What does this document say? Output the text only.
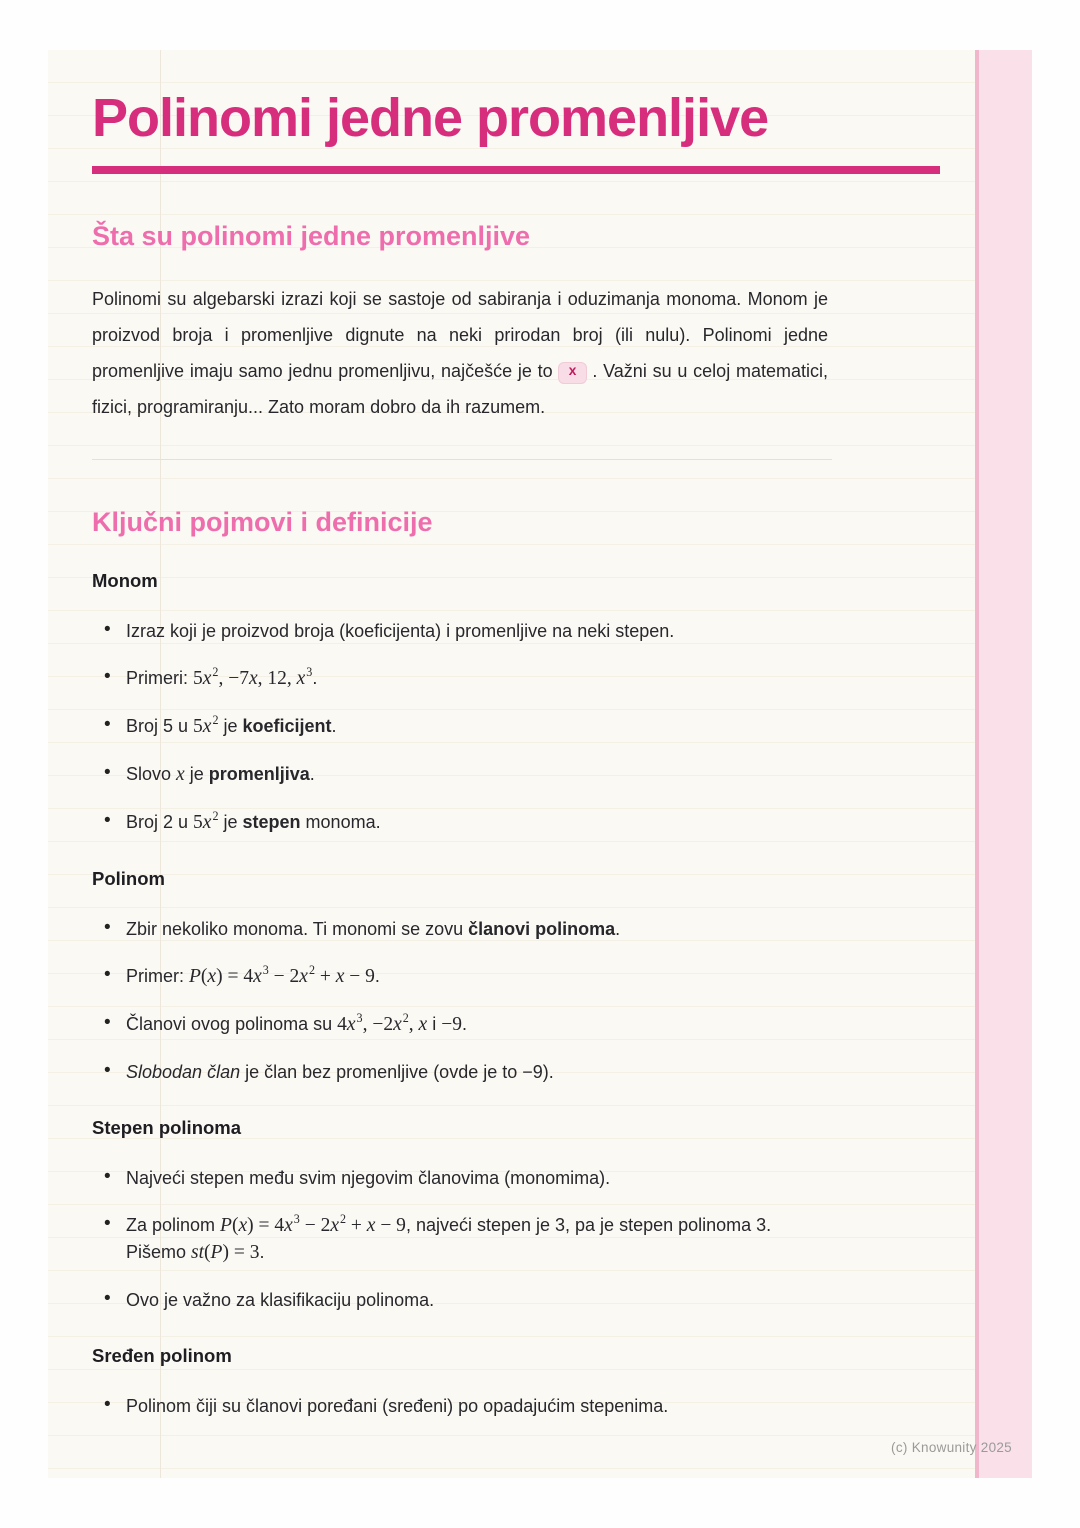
Polinomi jedne promenljive
Šta su polinomi jedne promenljive
Polinomi su algebarski izrazi koji se sastoje od sabiranja i oduzimanja monoma. Monom je proizvod broja i promenljive dignute na neki prirodan broj (ili nulu). Polinomi jedne promenljive imaju samo jednu promenljivu, najčešće je to x . Važni su u celoj matematici, fizici, programiranju... Zato moram dobro da ih razumem.
Ključni pojmovi i definicije
Monom
• Izraz koji je proizvod broja (koeficijenta) i promenljive na neki stepen.
• Primeri: $5x^2$, −7x, 12, $x^3$.
• Broj 5 u $5x^2$ je koeficijent.
• Slovo x je promenljiva.
• Broj 2 u $5x^2$ je stepen monoma.
Polinom
• Zbir nekoliko monoma. Ti monomi se zovu članovi polinoma.
• Primer: $P(x) = 4x^3 - 2x^2 + x - 9$.
• Članovi ovog polinoma su $4x^3$, $-2x^2$, x i −9.
• Slobodan član je član bez promenljive (ovde je to −9).
Stepen polinoma
• Najveći stepen među svim njegovim članovima (monomima).
• Za polinom $P(x) = 4x^3 - 2x^2 + x - 9$, najveći stepen je 3, pa je stepen polinoma 3. Pišemo st(P) = 3.
• Ovo je važno za klasifikaciju polinoma.
Sređen polinom
• Polinom čiji su članovi poređani (sređeni) po opadajućim stepenima.
(c) Knowunity 2025
